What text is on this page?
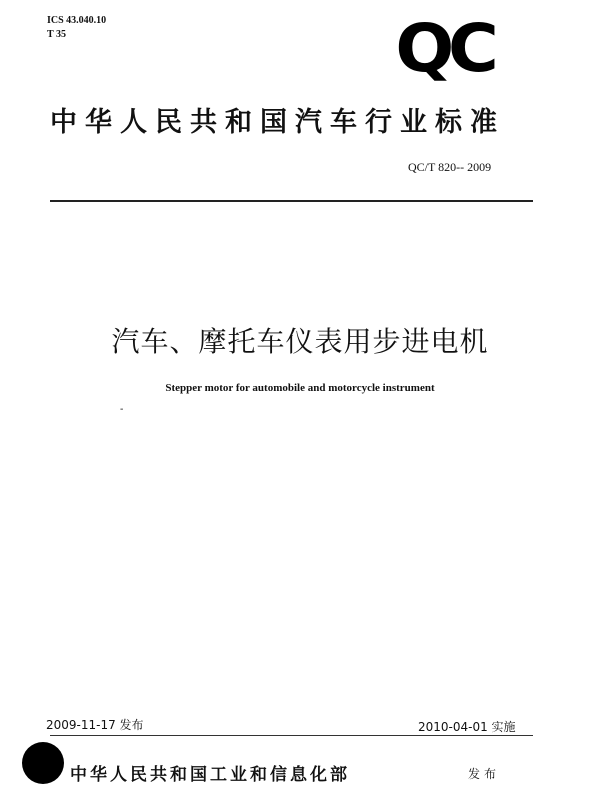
ICS 43.040.10
T 35	QC
中华人民共和国汽车行业标准
QC/T 820-- 2009
汽车、摩托车仪表用步进电机
Stepper motor for automobile and motorcycle instrument
-
2009-11-17 发布	2010-04-01 实施
中华人民共和国工业和信息化部	发布
